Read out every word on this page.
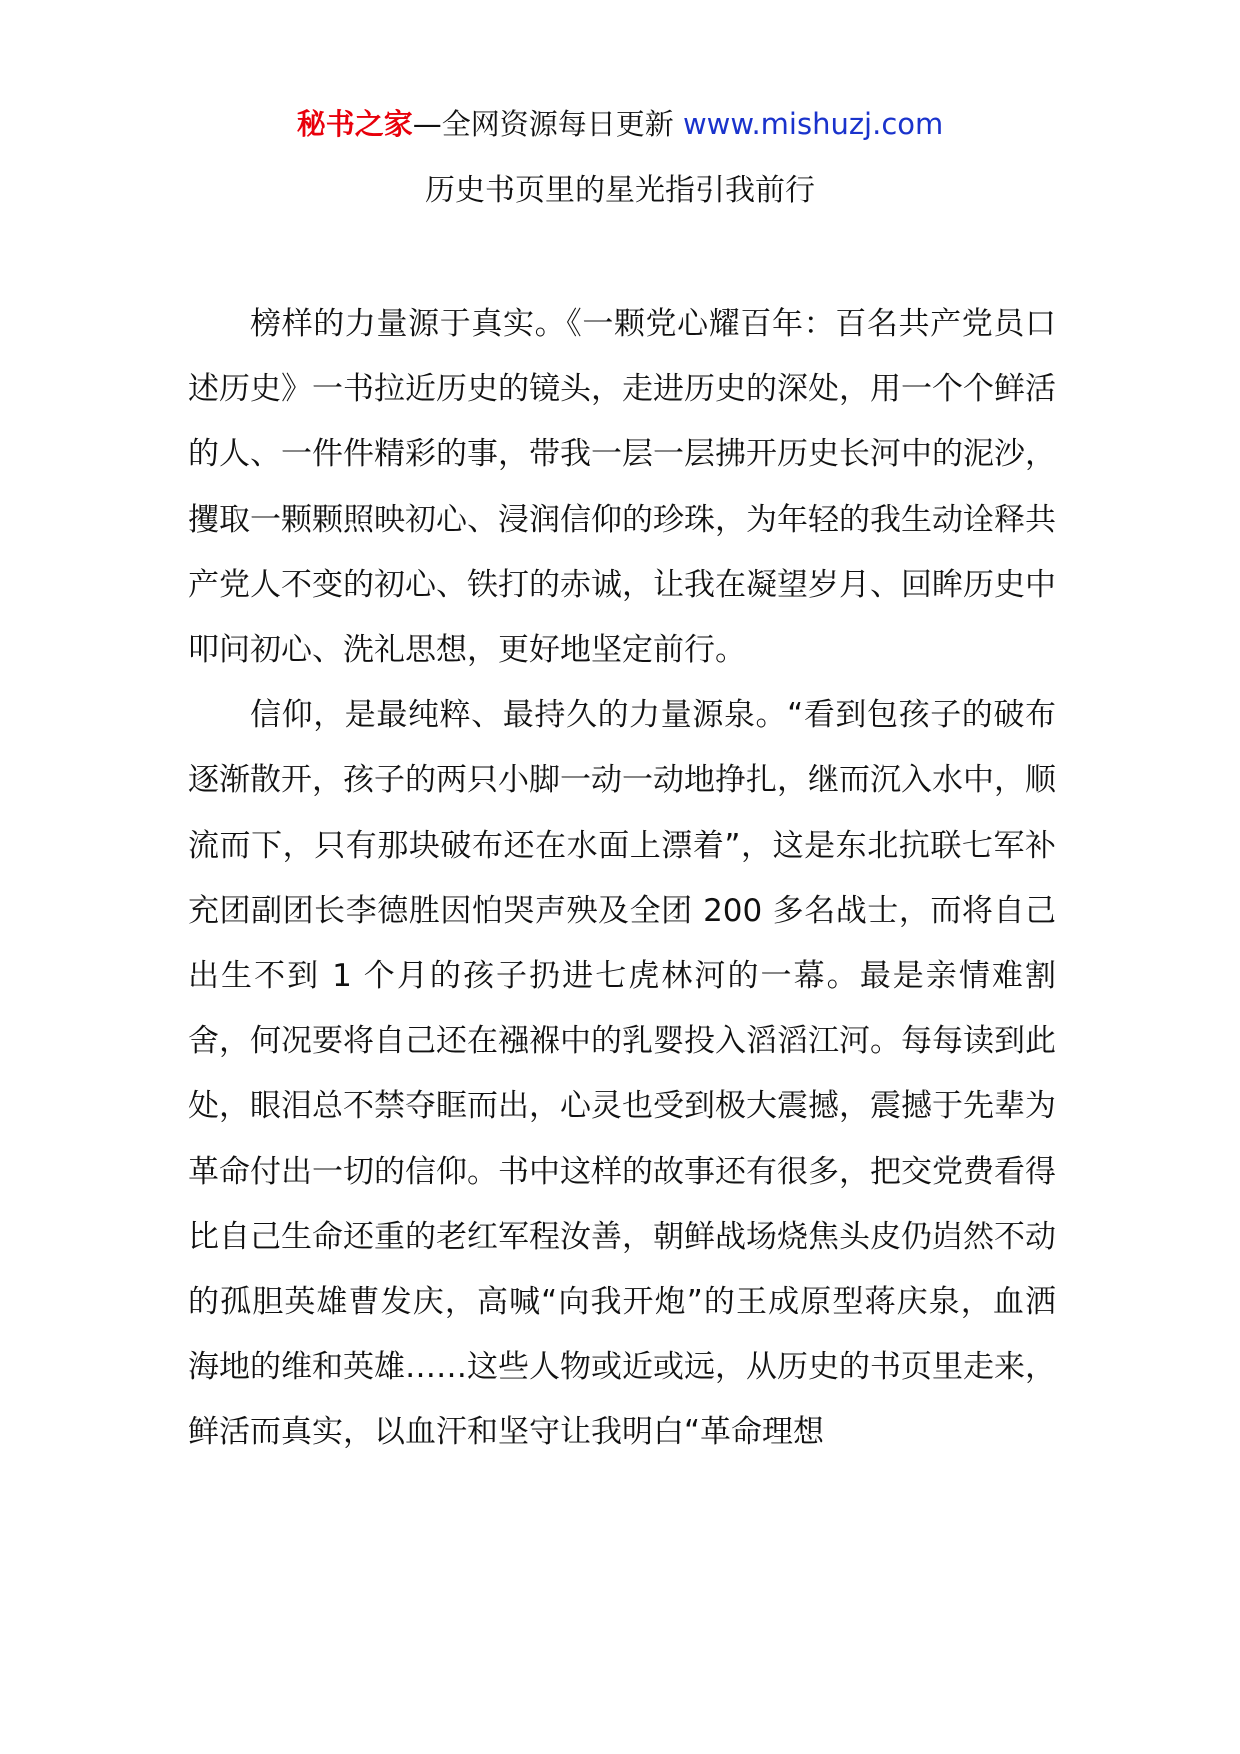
秘书之家—全网资源每日更新 www.mishuzj.com
历史书页里的星光指引我前行

榜样的力量源于真实。《一颗党心耀百年：百名共产党员口述历史》一书拉近历史的镜头，走进历史的深处，用一个个鲜活的人、一件件精彩的事，带我一层一层拂开历史长河中的泥沙，攫取一颗颗照映初心、浸润信仰的珍珠，为年轻的我生动诠释共产党人不变的初心、铁打的赤诚，让我在凝望岁月、回眸历史中叩问初心、洗礼思想，更好地坚定前行。

信仰，是最纯粹、最持久的力量源泉。“看到包孩子的破布逐渐散开，孩子的两只小脚一动一动地挣扎，继而沉入水中，顺流而下，只有那块破布还在水面上漂着”，这是东北抗联七军补充团副团长李德胜因怕哭声殃及全团 200 多名战士，而将自己出生不到 1 个月的孩子扔进七虎林河的一幕。最是亲情难割舍，何况要将自己还在襁褓中的乳婴投入滔滔江河。每每读到此处，眼泪总不禁夺眶而出，心灵也受到极大震撼，震撼于先辈为革命付出一切的信仰。书中这样的故事还有很多，把交党费看得比自己生命还重的老红军程汝善，朝鲜战场烧焦头皮仍岿然不动的孤胆英雄曹发庆，高喊“向我开炮”的王成原型蒋庆泉，血洒海地的维和英雄……这些人物或近或远，从历史的书页里走来，鲜活而真实，以血汗和坚守让我明白“革命理想
